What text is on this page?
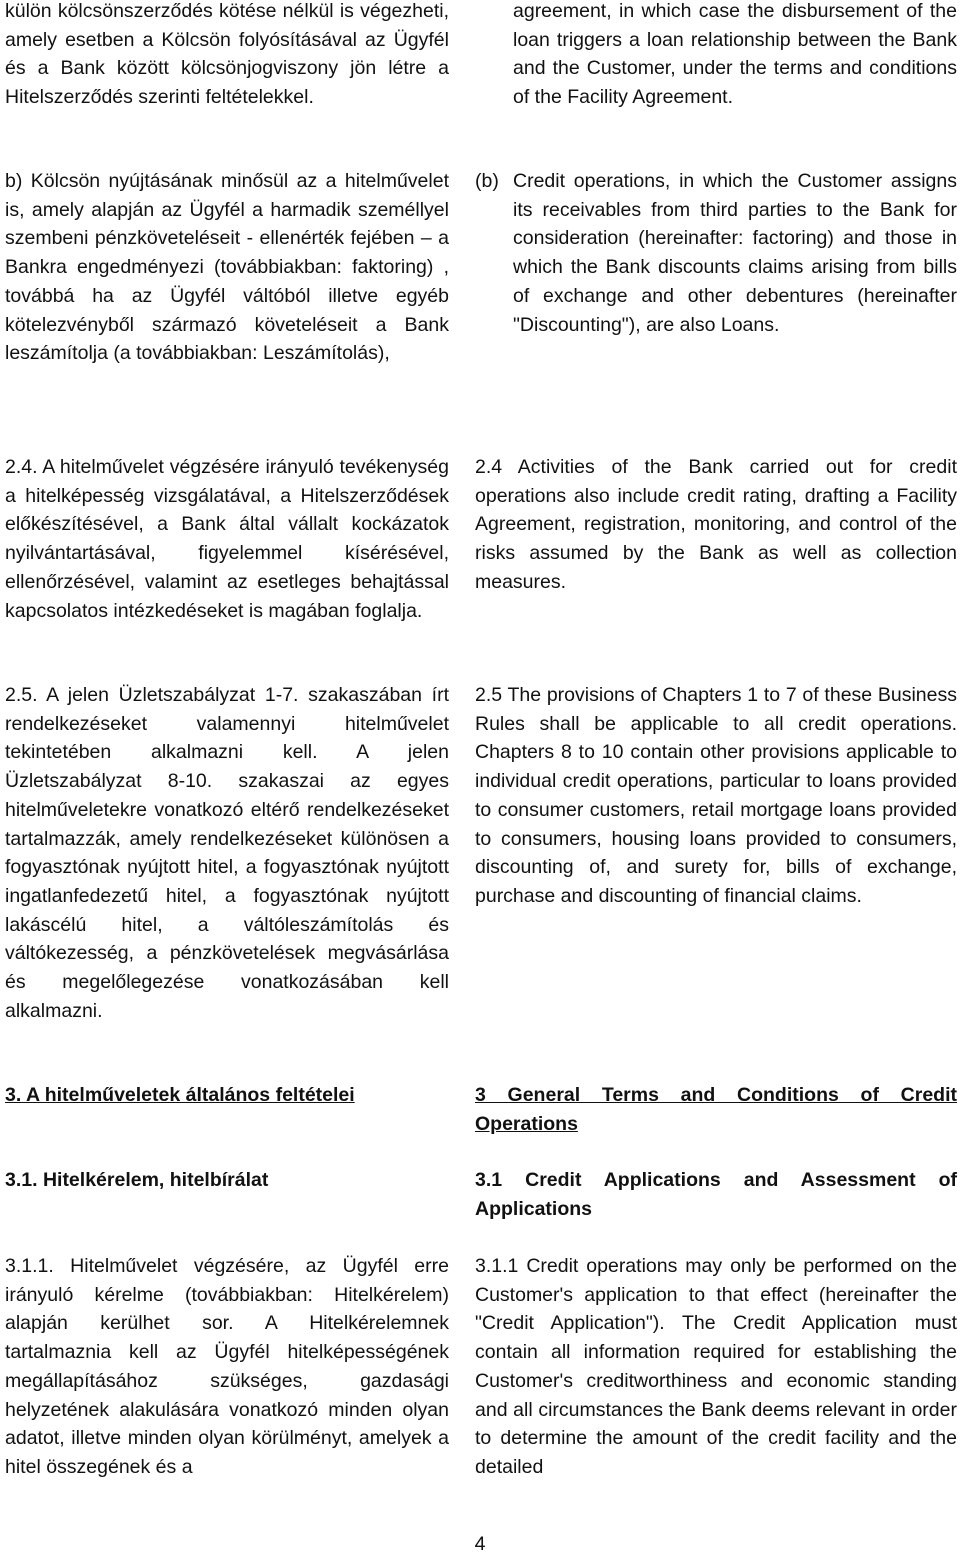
külön kölcsönszerződés kötése nélkül is végezheti, amely esetben a Kölcsön folyósításával az Ügyfél és a Bank között kölcsönjogviszony jön létre a Hitelszerződés szerinti feltételekkel.

b) Kölcsön nyújtásának minősül az a hitelművelet is, amely alapján az Ügyfél a harmadik személlyel szembeni pénzköveteléseit - ellenérték fejében – a Bankra engedményezi (továbbiakban: faktoring) , továbbá ha az Ügyfél váltóból illetve egyéb kötelezvényből származó követeléseit a Bank leszámítolja (a továbbiakban: Leszámítolás),

2.4. A hitelművelet végzésére irányuló tevékenység a hitelképesség vizsgálatával, a Hitelszerződések előkészítésével, a Bank által vállalt kockázatok nyilvántartásával, figyelemmel kísérésével, ellenőrzésével, valamint az esetleges behajtással kapcsolatos intézkedéseket is magában foglalja.

2.5. A jelen Üzletszabályzat 1-7. szakaszában írt rendelkezéseket valamennyi hitelművelet tekintetében alkalmazni kell. A jelen Üzletszabályzat 8-10. szakaszai az egyes hitelműveletekre vonatkozó eltérő rendelkezéseket tartalmazzák, amely rendelkezéseket különösen a fogyasztónak nyújtott hitel, a fogyasztónak nyújtott ingatlanfedezetű hitel, a fogyasztónak nyújtott lakáscélú hitel, a váltóleszámítolás és váltókezesség, a pénzkövetelések megvásárlása és megelőlegezése vonatkozásában kell alkalmazni.

3. A hitelműveletek általános feltételei

3.1. Hitelkérelem, hitelbírálat

3.1.1. Hitelművelet végzésére, az Ügyfél erre irányuló kérelme (továbbiakban: Hitelkérelem) alapján kerülhet sor. A Hitelkérelemnek tartalmaznia kell az Ügyfél hitelképességének megállapításához szükséges, gazdasági helyzetének alakulására vonatkozó minden olyan adatot, illetve minden olyan körülményt, amelyek a hitel összegének és a

agreement, in which case the disbursement of the loan triggers a loan relationship between the Bank and the Customer, under the terms and conditions of the Facility Agreement.

(b) Credit operations, in which the Customer assigns its receivables from third parties to the Bank for consideration (hereinafter: factoring) and those in which the Bank discounts claims arising from bills of exchange and other debentures (hereinafter "Discounting"), are also Loans.

2.4 Activities of the Bank carried out for credit operations also include credit rating, drafting a Facility Agreement, registration, monitoring, and control of the risks assumed by the Bank as well as collection measures.

2.5 The provisions of Chapters 1 to 7 of these Business Rules shall be applicable to all credit operations. Chapters 8 to 10 contain other provisions applicable to individual credit operations, particular to loans provided to consumer customers, retail mortgage loans provided to consumers, housing loans provided to consumers, discounting of, and surety for, bills of exchange, purchase and discounting of financial claims.

3 General Terms and Conditions of Credit Operations

3.1 Credit Applications and Assessment of Applications

3.1.1 Credit operations may only be performed on the Customer's application to that effect (hereinafter the "Credit Application"). The Credit Application must contain all information required for establishing the Customer's creditworthiness and economic standing and all circumstances the Bank deems relevant in order to determine the amount of the credit facility and the detailed

4
